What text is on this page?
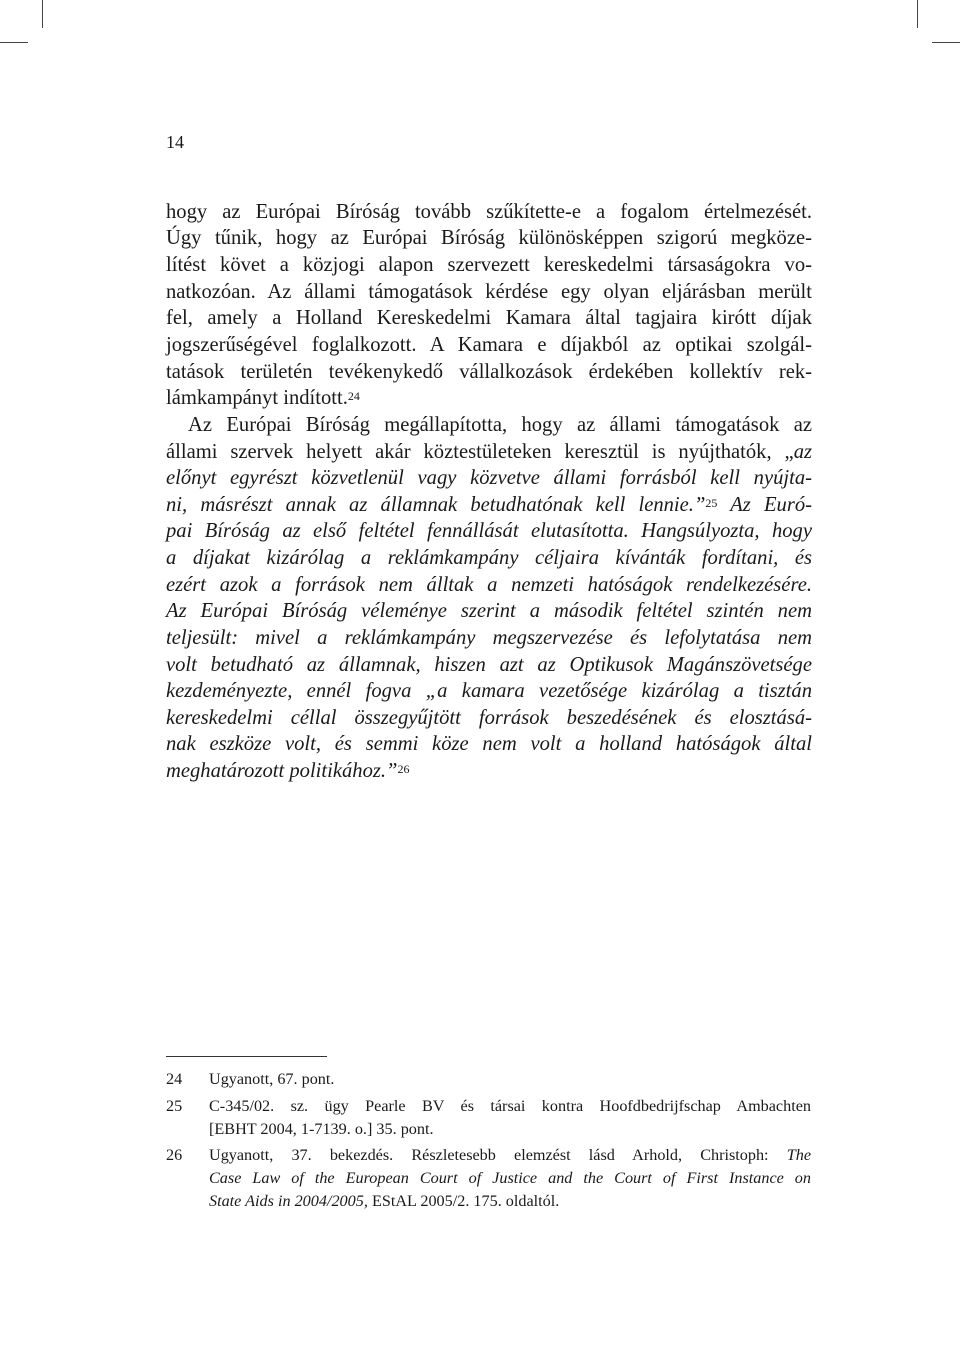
14
hogy az Európai Bíróság tovább szűkítette-e a fogalom értelmezését.
Úgy tűnik, hogy az Európai Bíróság különösképpen szigorú megköze-
lítést követ a közjogi alapon szervezett kereskedelmi társaságokra vo-
natkozóan. Az állami támogatások kérdése egy olyan eljárásban merült
fel, amely a Holland Kereskedelmi Kamara által tagjaira kirótt díjak
jogszerűségével foglalkozott. A Kamara e díjakból az optikai szolgál-
tatások területén tevékenykedő vállalkozások érdekében kollektív rek-
lámkampányt indított.$^{24}$
Az Európai Bíróság megállapította, hogy az állami támogatások az
állami szervek helyett akár köztestületeken keresztül is nyújthatók, „az
előnyt egyrészt közvetlenül vagy közvetve állami forrásból kell nyújta-
ni, másrészt annak az államnak betudhatónak kell lennie.”$^{25}$ Az Euró-
pai Bíróság az első feltétel fennállását elutasította. Hangsúlyozta, hogy
a díjakat kizárólag a reklámkampány céljaira kívánták fordítani, és
ezért azok a források nem álltak a nemzeti hatóságok rendelkezésére.
Az Európai Bíróság véleménye szerint a második feltétel szintén nem
teljesült: mivel a reklámkampány megszervezése és lefolytatása nem
volt betudható az államnak, hiszen azt az Optikusok Magánszövetsége
kezdeményezte, ennél fogva „a kamara vezetősége kizárólag a tisztán
kereskedelmi céllal összegyűjtött források beszedésének és elosztásá-
nak eszköze volt, és semmi köze nem volt a holland hatóságok által
meghatározott politikához.”$^{26}$
24 Ugyanott, 67. pont.
25 C-345/02. sz. ügy Pearle BV és társai kontra Hoofdbedrijfschap Ambachten
[EBHT 2004, 1-7139. o.] 35. pont.
26 Ugyanott, 37. bekezdés. Részletesebb elemzést lásd Arhold, Christoph: The
Case Law of the European Court of Justice and the Court of First Instance on
State Aids in 2004/2005, EStAL 2005/2. 175. oldaltól.
